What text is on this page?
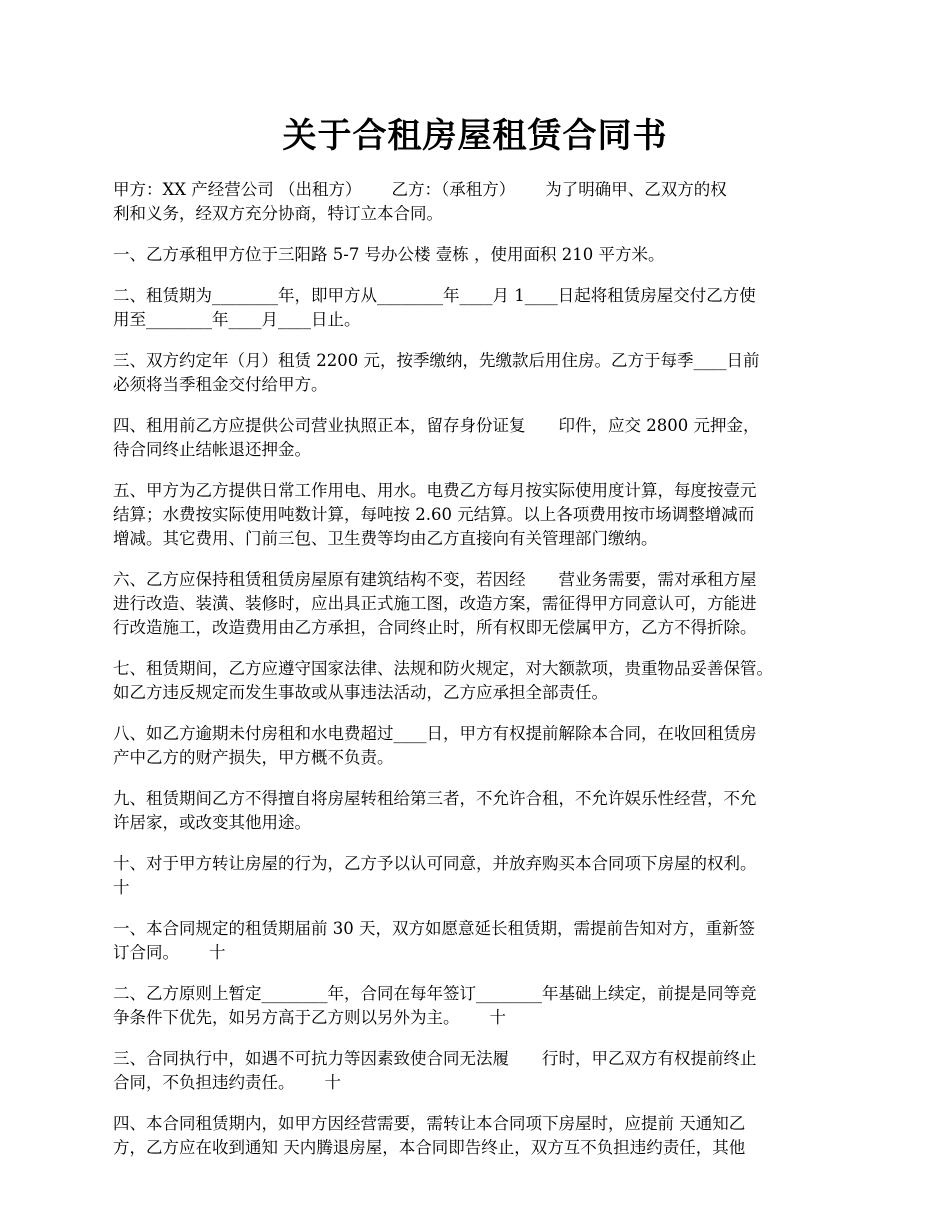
关于合租房屋租赁合同书

甲方：XX 产经营公司 （出租方）　　 乙方：（承租方）　　 为了明确甲、乙双方的权
利和义务，经双方充分协商，特订立本合同。

一、乙方承租甲方位于三阳路 5-7 号办公楼 壹栋 ，使用面积 210 平方米。

二、租赁期为________年，即甲方从________年____月 1____日起将租赁房屋交付乙方使
用至________年____月____日止。

三、双方约定年（月）租赁 2200 元，按季缴纳，先缴款后用住房。乙方于每季____日前
必须将当季租金交付给甲方。

四、租用前乙方应提供公司营业执照正本，留存身份证复　　印件，应交 2800 元押金，
待合同终止结帐退还押金。

五、甲方为乙方提供日常工作用电、用水。电费乙方每月按实际使用度计算，每度按壹元
结算；水费按实际使用吨数计算，每吨按 2.60 元结算。以上各项费用按市场调整增减而
增减。其它费用、门前三包、卫生费等均由乙方直接向有关管理部门缴纳。

六、乙方应保持租赁租赁房屋原有建筑结构不变，若因经　　营业务需要，需对承租方屋
进行改造、装潢、装修时，应出具正式施工图，改造方案，需征得甲方同意认可，方能进
行改造施工，改造费用由乙方承担，合同终止时，所有权即无偿属甲方，乙方不得折除。

七、租赁期间，乙方应遵守国家法律、法规和防火规定，对大额款项，贵重物品妥善保管。
如乙方违反规定而发生事故或从事违法活动，乙方应承担全部责任。

八、如乙方逾期未付房租和水电费超过____日，甲方有权提前解除本合同，在收回租赁房
产中乙方的财产损失，甲方概不负责。

九、租赁期间乙方不得擅自将房屋转租给第三者，不允许合租，不允许娱乐性经营，不允
许居家，或改变其他用途。

十、对于甲方转让房屋的行为，乙方予以认可同意，并放弃购买本合同项下房屋的权利。
十

一、本合同规定的租赁期届前 30 天，双方如愿意延长租赁期，需提前告知对方，重新签
订合同。　　 十

二、乙方原则上暂定________年，合同在每年签订________年基础上续定，前提是同等竞
争条件下优先，如另方高于乙方则以另外为主。　　 十

三、合同执行中，如遇不可抗力等因素致使合同无法履　　行时，甲乙双方有权提前终止
合同，不负担违约责任。　　 十

四、本合同租赁期内，如甲方因经营需要，需转让本合同项下房屋时，应提前 天通知乙
方，乙方应在收到通知 天内腾退房屋，本合同即告终止，双方互不负担违约责任，其他
